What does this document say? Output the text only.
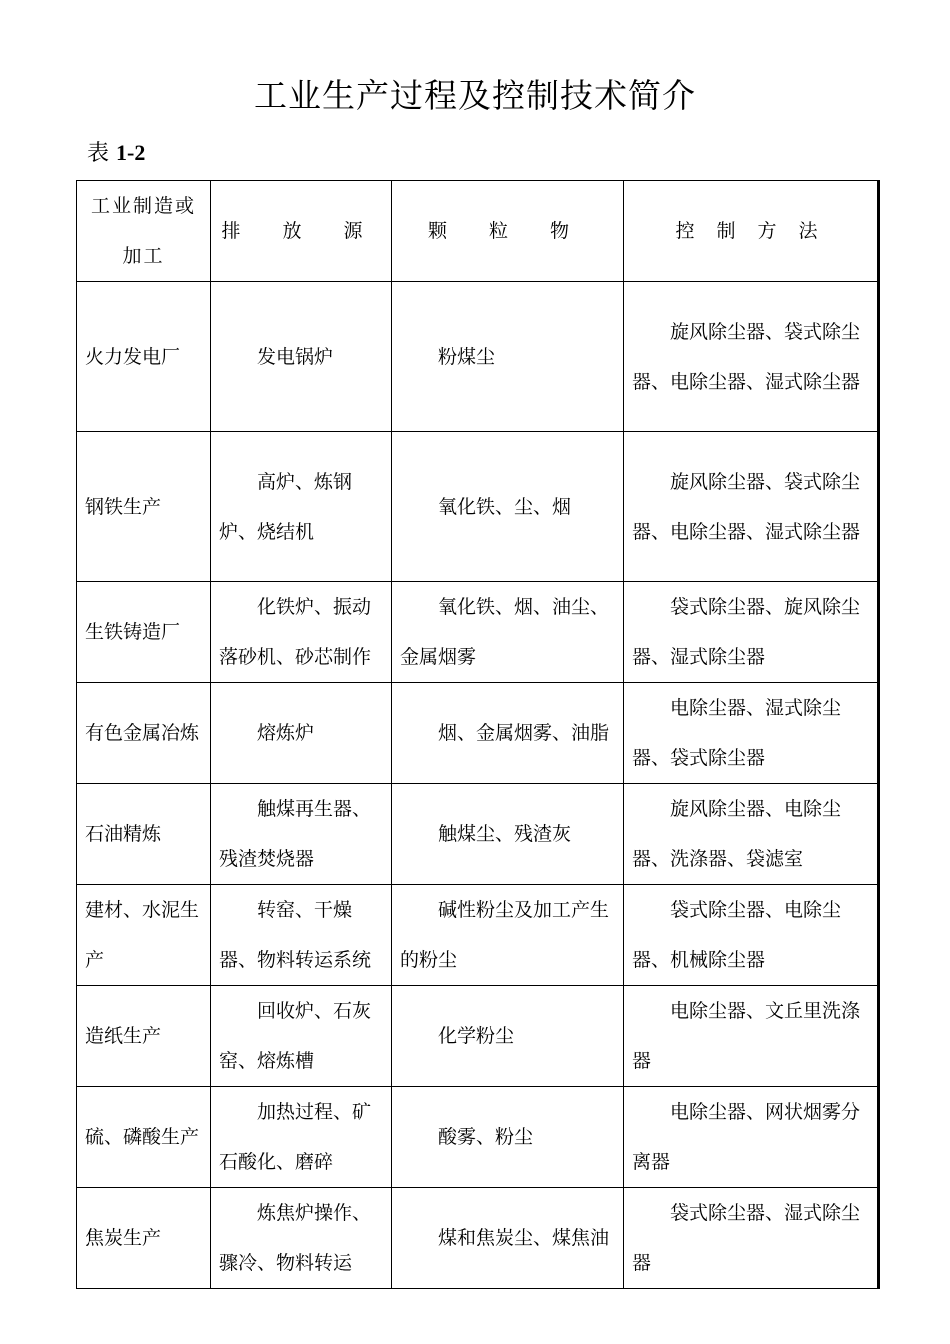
工业生产过程及控制技术简介
表 1-2
工业制造或加工	排 放 源	颗 粒 物	控 制 方 法
火力发电厂	发电锅炉	粉煤尘	旋风除尘器、袋式除尘器、电除尘器、湿式除尘器

钢铁生产	高炉、炼钢炉、烧结机	氧化铁、尘、烟	旋风除尘器、袋式除尘器、电除尘器、湿式除尘器

生铁铸造厂	化铁炉、振动落砂机、砂芯制作	氧化铁、烟、油尘、金属烟雾	袋式除尘器、旋风除尘器、湿式除尘器

有色金属冶炼	熔炼炉	烟、金属烟雾、油脂	电除尘器、湿式除尘器、袋式除尘器

石油精炼	触煤再生器、残渣焚烧器	触煤尘、残渣灰	旋风除尘器、电除尘器、洗涤器、袋滤室

建材、水泥生产	转窑、干燥器、物料转运系统	碱性粉尘及加工产生的粉尘	袋式除尘器、电除尘器、机械除尘器

造纸生产	回收炉、石灰窑、熔炼槽	化学粉尘	电除尘器、文丘里洗涤器

硫、磷酸生产	加热过程、矿石酸化、磨碎	酸雾、粉尘	电除尘器、网状烟雾分离器

焦炭生产	炼焦炉操作、骤冷、物料转运	煤和焦炭尘、煤焦油	袋式除尘器、湿式除尘器
